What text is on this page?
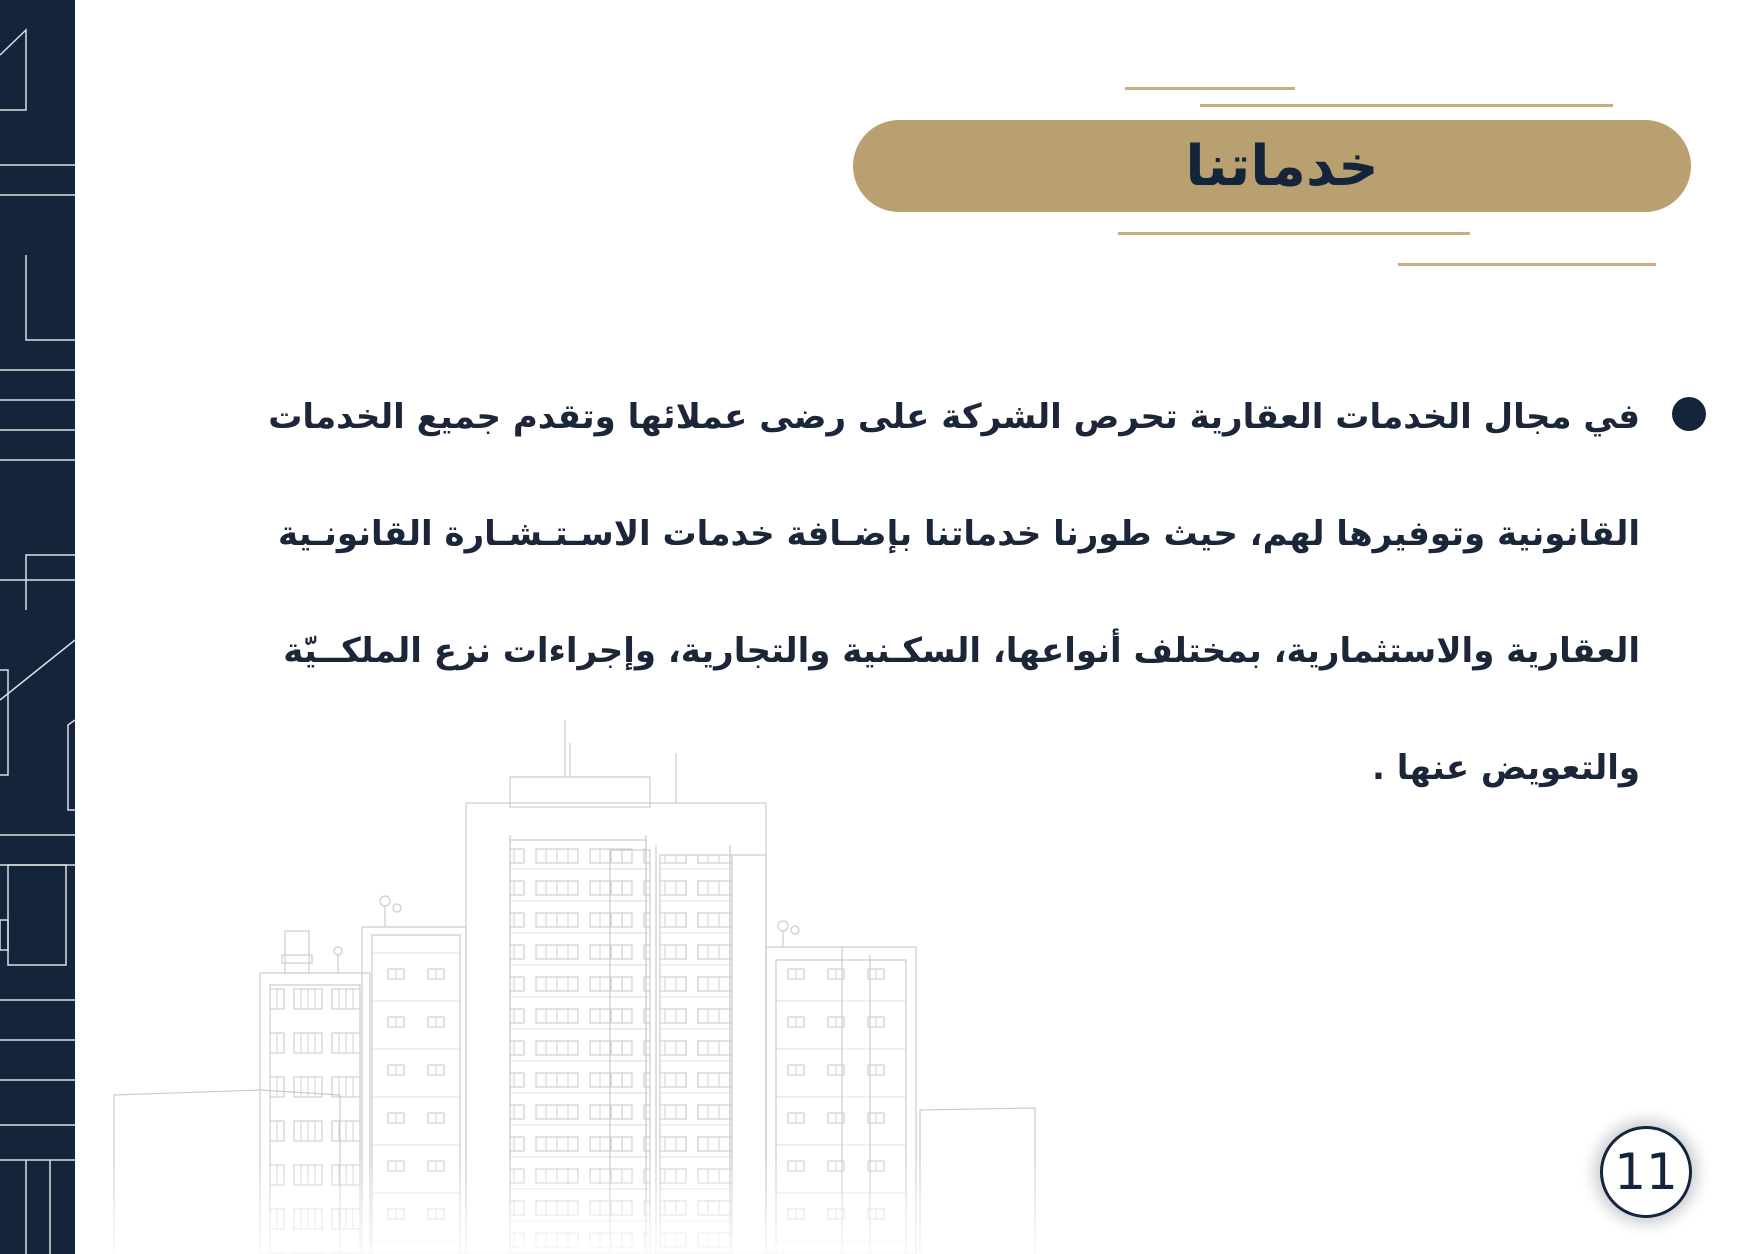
خدماتنا
في مجال الخدمات العقارية تحرص الشركة على رضى عملائها وتقدم جميع الخدمات
القانونية وتوفيرها لهم، حيث طورنا خدماتنا بإضـافة خدمات الاسـتـشـارة القانونـية
العقارية والاستثمارية، بمختلف أنواعها، السكـنية والتجارية، وإجراءات نزع الملكــيّة
والتعويض عنها .
11
